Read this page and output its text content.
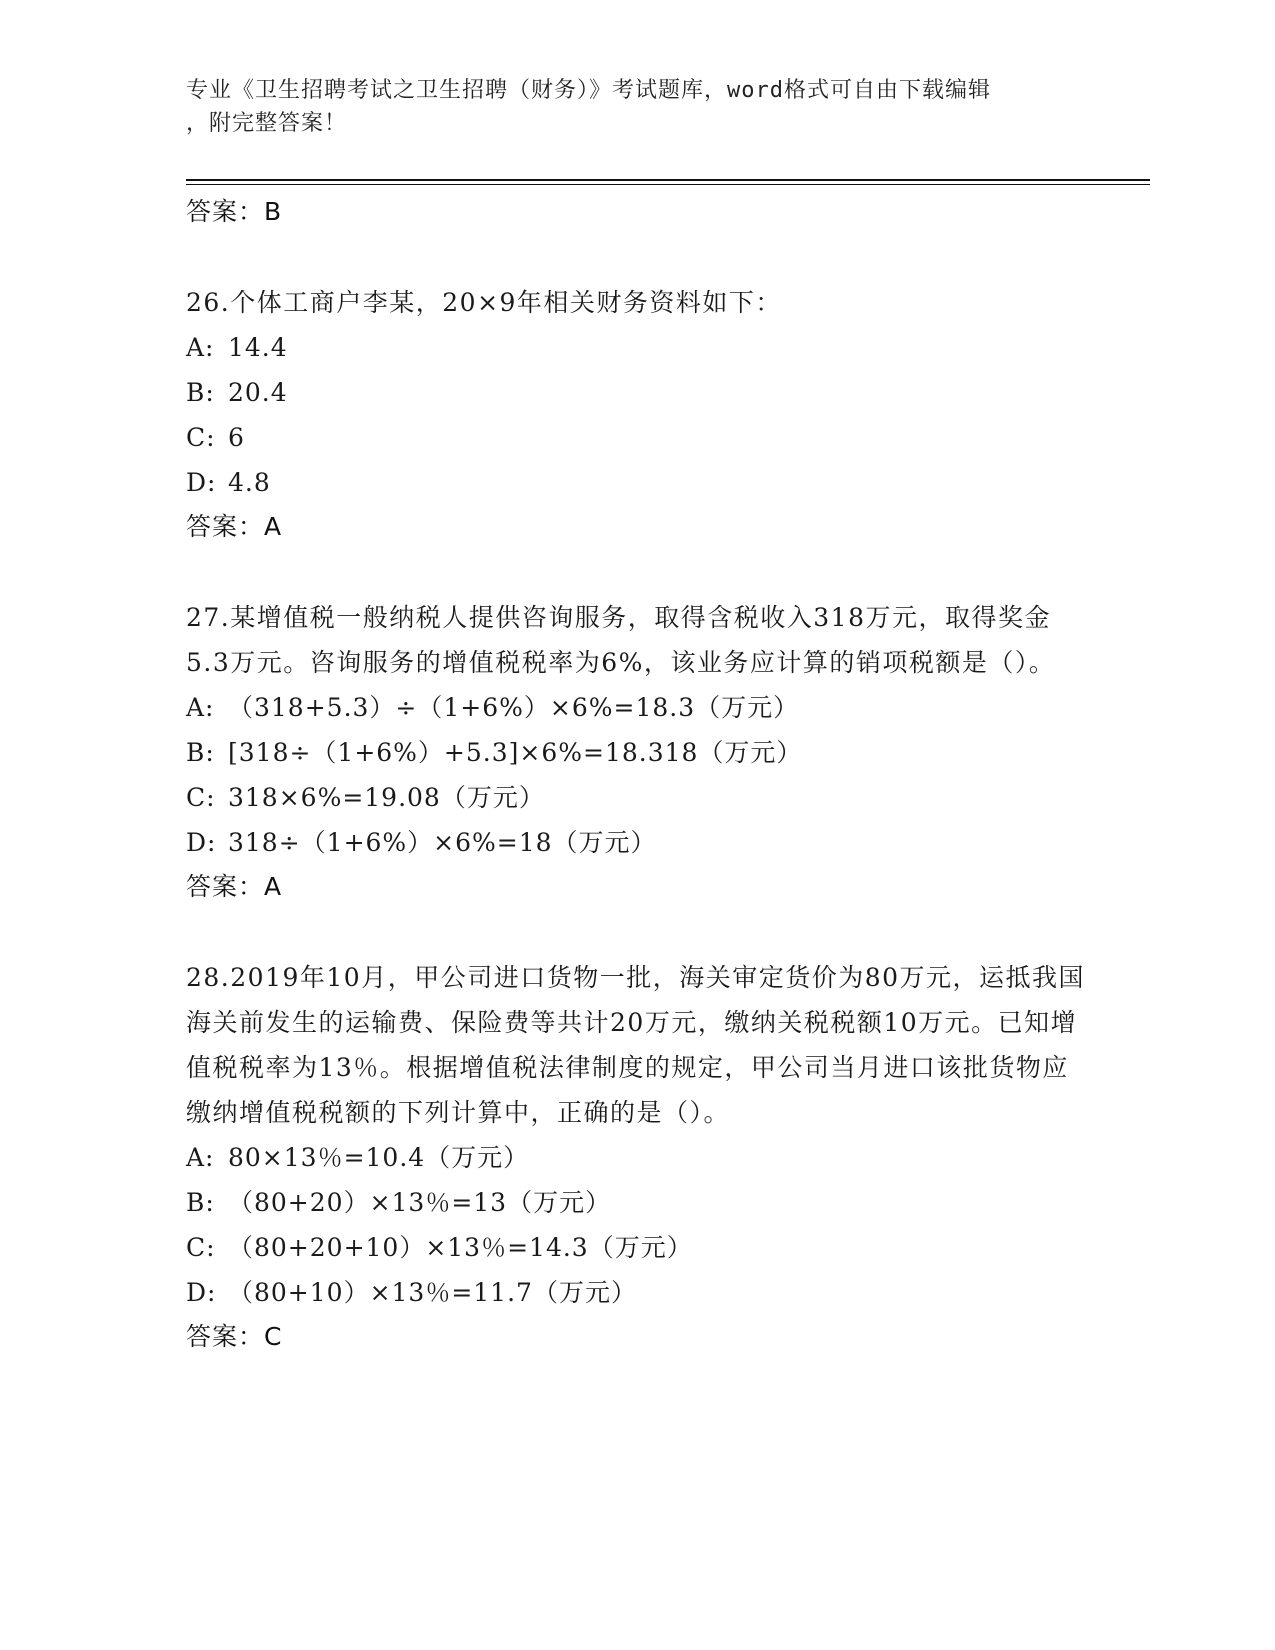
专业《卫生招聘考试之卫生招聘（财务）》考试题库，word格式可自由下载编辑
，附完整答案！
答案：B
26.个体工商户李某，20×9年相关财务资料如下：
A: 14.4
B: 20.4
C: 6
D: 4.8
答案：A
27.某增值税一般纳税人提供咨询服务，取得含税收入318万元，取得奖金5.3万元。咨询服务的增值税税率为6%，该业务应计算的销项税额是（）。
A: （318+5.3）÷（1+6%）×6%=18.3（万元）
B: [318÷（1+6%）+5.3]×6%=18.318（万元）
C: 318×6%=19.08（万元）
D: 318÷（1+6%）×6%=18（万元）
答案：A
28.2019年10月，甲公司进口货物一批，海关审定货价为80万元，运抵我国海关前发生的运输费、保险费等共计20万元，缴纳关税税额10万元。已知增值税税率为13％。根据增值税法律制度的规定，甲公司当月进口该批货物应缴纳增值税税额的下列计算中，正确的是（）。
A: 80×13％=10.4（万元）
B: （80+20）×13％=13（万元）
C: （80+20+10）×13％=14.3（万元）
D: （80+10）×13％=11.7（万元）
答案：C
